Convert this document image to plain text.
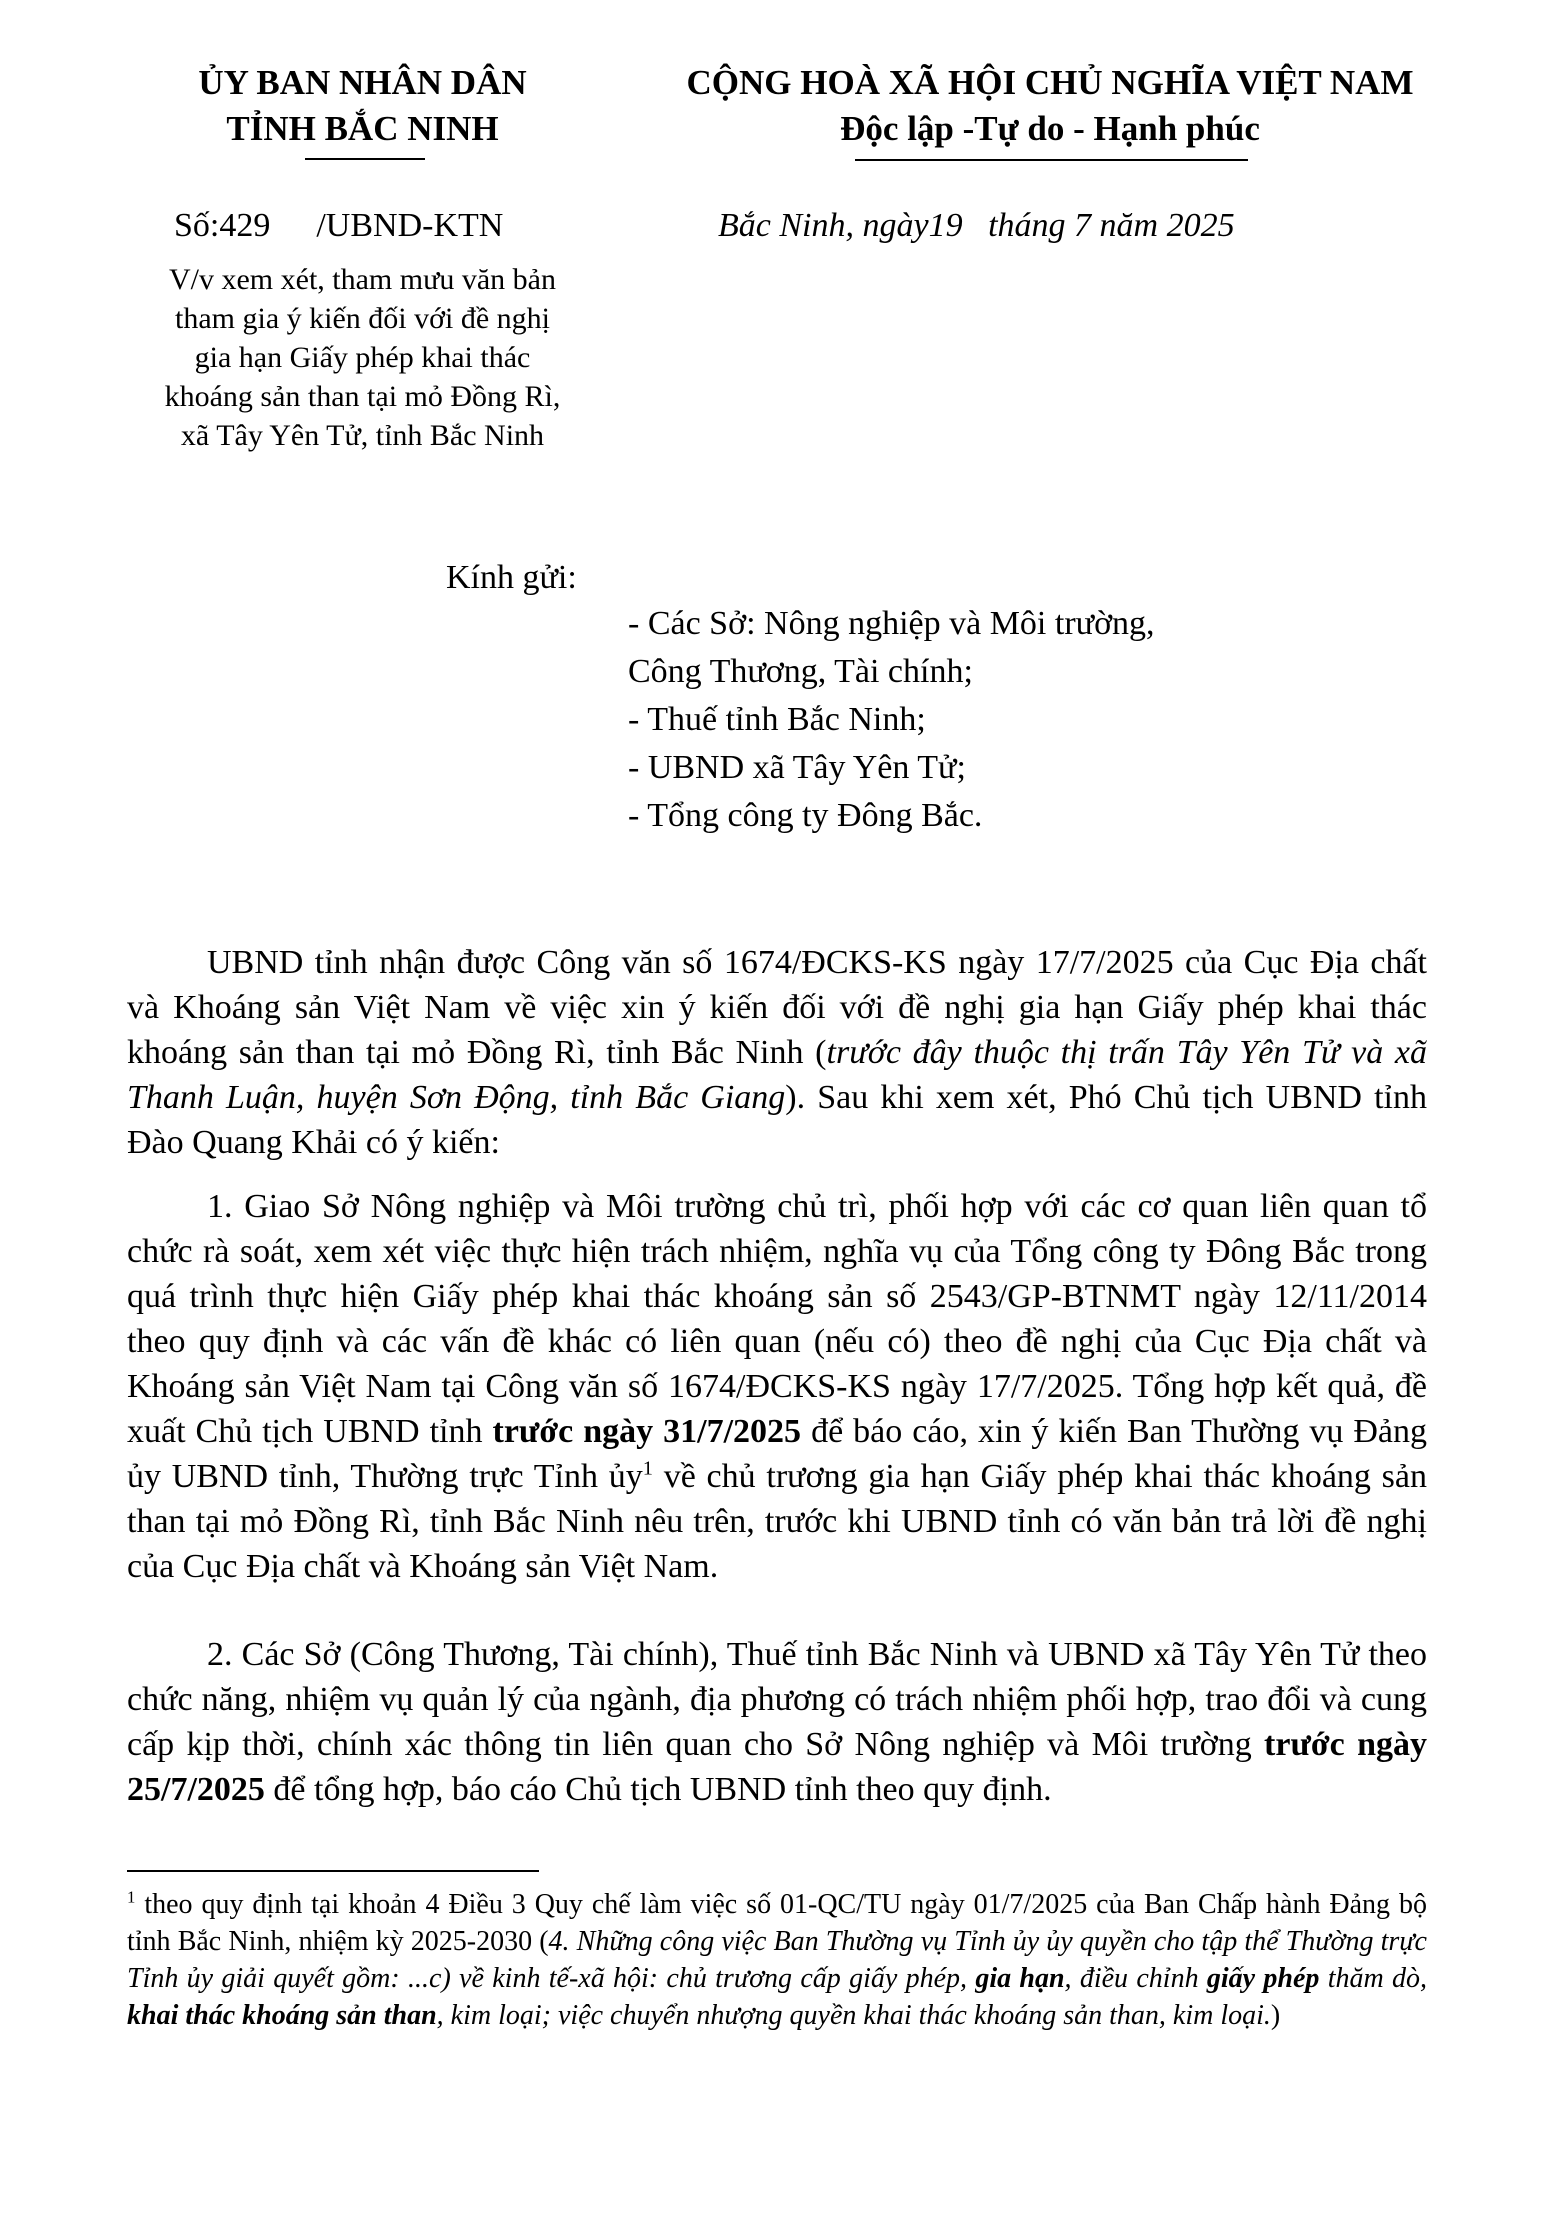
ỦY BAN NHÂN DÂN
TỈNH BẮC NINH
CỘNG HOÀ XÃ HỘI CHỦ NGHĨA VIỆT NAM
Độc lập -Tự do - Hạnh phúc
Số:429 /UBND-KTN	Bắc Ninh, ngày19   tháng 7 năm 2025
V/v xem xét, tham mưu văn bản
tham gia ý kiến đối với đề nghị
gia hạn Giấy phép khai thác
khoáng sản than tại mỏ Đồng Rì,
xã Tây Yên Tử, tỉnh Bắc Ninh
Kính gửi:
- Các Sở: Nông nghiệp và Môi trường,
Công Thương, Tài chính;
- Thuế tỉnh Bắc Ninh;
- UBND xã Tây Yên Tử;
- Tổng công ty Đông Bắc.
UBND tỉnh nhận được Công văn số 1674/ĐCKS-KS ngày 17/7/2025 của Cục Địa chất và Khoáng sản Việt Nam về việc xin ý kiến đối với đề nghị gia hạn Giấy phép khai thác khoáng sản than tại mỏ Đồng Rì, tỉnh Bắc Ninh (trước đây thuộc thị trấn Tây Yên Tử và xã Thanh Luận, huyện Sơn Động, tỉnh Bắc Giang). Sau khi xem xét, Phó Chủ tịch UBND tỉnh Đào Quang Khải có ý kiến:
1. Giao Sở Nông nghiệp và Môi trường chủ trì, phối hợp với các cơ quan liên quan tổ chức rà soát, xem xét việc thực hiện trách nhiệm, nghĩa vụ của Tổng công ty Đông Bắc trong quá trình thực hiện Giấy phép khai thác khoáng sản số 2543/GP-BTNMT ngày 12/11/2014 theo quy định và các vấn đề khác có liên quan (nếu có) theo đề nghị của Cục Địa chất và Khoáng sản Việt Nam tại Công văn số 1674/ĐCKS-KS ngày 17/7/2025. Tổng hợp kết quả, đề xuất Chủ tịch UBND tỉnh trước ngày 31/7/2025 để báo cáo, xin ý kiến Ban Thường vụ Đảng ủy UBND tỉnh, Thường trực Tỉnh ủy$^1$ về chủ trương gia hạn Giấy phép khai thác khoáng sản than tại mỏ Đồng Rì, tỉnh Bắc Ninh nêu trên, trước khi UBND tỉnh có văn bản trả lời đề nghị của Cục Địa chất và Khoáng sản Việt Nam.
2. Các Sở (Công Thương, Tài chính), Thuế tỉnh Bắc Ninh và UBND xã Tây Yên Tử theo chức năng, nhiệm vụ quản lý của ngành, địa phương có trách nhiệm phối hợp, trao đổi và cung cấp kịp thời, chính xác thông tin liên quan cho Sở Nông nghiệp và Môi trường trước ngày 25/7/2025 để tổng hợp, báo cáo Chủ tịch UBND tỉnh theo quy định.
$^1$ theo quy định tại khoản 4 Điều 3 Quy chế làm việc số 01-QC/TU ngày 01/7/2025 của Ban Chấp hành Đảng bộ tỉnh Bắc Ninh, nhiệm kỳ 2025-2030 (4. Những công việc Ban Thường vụ Tỉnh ủy ủy quyền cho tập thể Thường trực Tỉnh ủy giải quyết gồm: ...c) về kinh tế-xã hội: chủ trương cấp giấy phép, gia hạn, điều chỉnh giấy phép thăm dò, khai thác khoáng sản than, kim loại; việc chuyển nhượng quyền khai thác khoáng sản than, kim loại.)
